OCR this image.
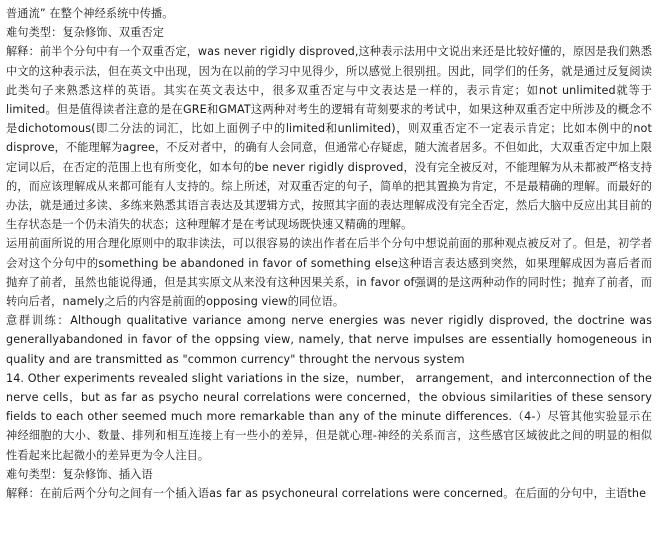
普通流” 在整个神经系统中传播。

难句类型：复杂修饰、双重否定

解释：前半个分句中有一个双重否定，was never rigidly disproved,这种表示法用中文说出来还是比较好懂的，原因是我们熟悉中文的这种表示法，但在英文中出现，因为在以前的学习中见得少，所以感觉上很别扭。因此，同学们的任务，就是通过反复阅读此类句子来熟悉这样的英语。其实在英文表达中，很多双重否定与中文表达是一样的，表示肯定；如not unlimited就等于limited。但是值得读者注意的是在GRE和GMAT这两种对考生的逻辑有苛刻要求的考试中，如果这种双重否定中所涉及的概念不是dichotomous(即二分法的词汇，比如上面例子中的limited和unlimited)，则双重否定不一定表示肯定；比如本例中的not disprove，不能理解为agree，不反对者中，的确有人会同意，但通常心存疑虑，随大流者居多。不但如此，大双重否定中加上限定词以后，在否定的范围上也有所变化，如本句的be never rigidly disproved，没有完全被反对，不能理解为从未都被严格支持的，而应该理解成从来都可能有人支持的。综上所述，对双重否定的句子，简单的把其置换为肯定，不是最精确的理解。而最好的办法，就是通过多读、多练来熟悉其语言表达及其逻辑方式，按照其字面的表达理解成没有完全否定，然后大脑中反应出其目前的生存状态是一个仍未消失的状态；这种理解才是在考试现场既快速又精确的理解。

运用前面所说的用合理化原则中的取非读法，可以很容易的读出作者在后半个分句中想说前面的那种观点被反对了。但是，初学者会对这个分句中的something be abandoned in favor of something else这种语言表达感到突然，如果理解成因为喜后者而抛弃了前者，虽然也能说得通，但是其实原文从来没有这种因果关系，in favor of强调的是这两种动作的同时性；抛弃了前者，而转向后者，namely之后的内容是前面的opposing view的同位语。

意群训练：Although qualitative variance among nerve energies was never rigidly disproved, the doctrine was generallyabandoned in favor of the oppsing view, namely, that nerve impulses are essentially homogeneous in quality and are transmitted as "common currency" throught the nervous system

14. Other experiments revealed slight variations in the size，number， arrangement，and interconnection of the nerve cells，but as far as psycho neural correlations were concerned，the obvious similarities of these sensory fields to each other seemed much more remarkable than any of the minute differences.（4-）尽管其他实验显示在神经细胞的大小、数量、排列和相互连接上有一些小的差异，但是就心理-神经的关系而言，这些感官区域彼此之间的明显的相似性看起来比起微小的差异更为令人注目。

难句类型：复杂修饰、插入语

解释：在前后两个分句之间有一个插入语as far as psychoneural correlations were concerned。在后面的分句中，主语the
